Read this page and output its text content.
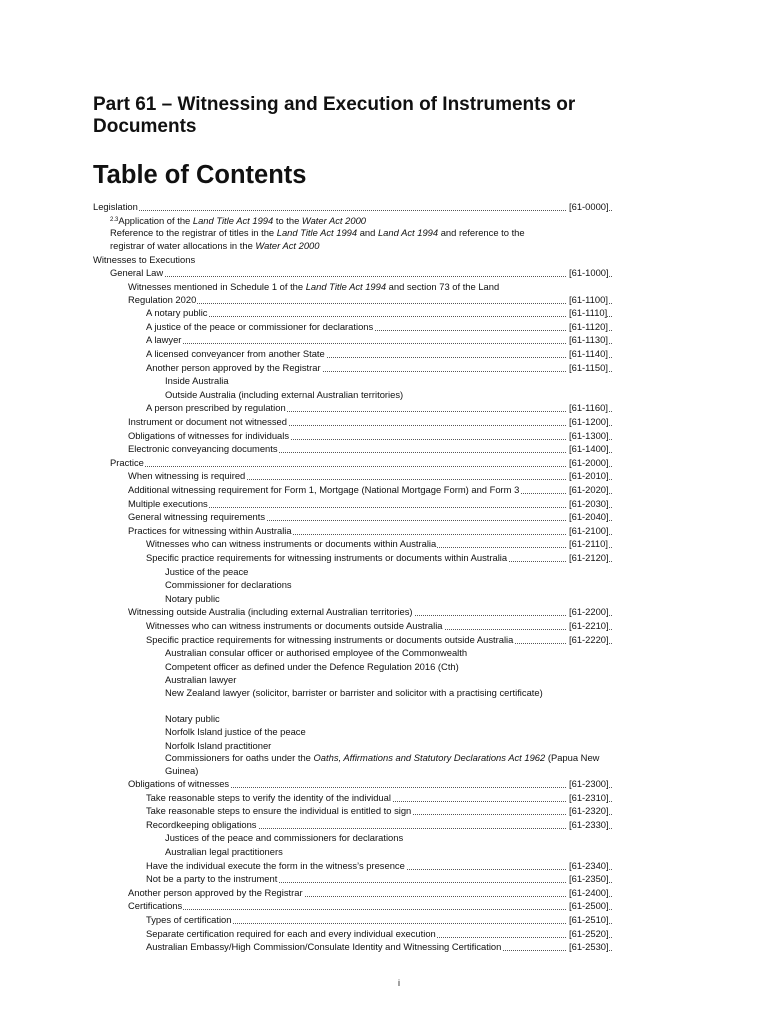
Part 61 – Witnessing and Execution of Instruments or Documents
Table of Contents
Legislation	[61-0000]
$^{2.3}$Application of the Land Title Act 1994 to the Water Act 2000
Reference to the registrar of titles in the Land Title Act 1994 and Land Act 1994 and reference to the registrar of water allocations in the Water Act 2000
Witnesses to Executions
General Law	[61-1000]
Witnesses mentioned in Schedule 1 of the Land Title Act 1994 and section 73 of the Land
Regulation 2020	[61-1100]
A notary public	[61-1110]
A justice of the peace or commissioner for declarations	[61-1120]
A lawyer	[61-1130]
A licensed conveyancer from another State	[61-1140]
Another person approved by the Registrar	[61-1150]
Inside Australia
Outside Australia (including external Australian territories)
A person prescribed by regulation	[61-1160]
Instrument or document not witnessed	[61-1200]
Obligations of witnesses for individuals	[61-1300]
Electronic conveyancing documents	[61-1400]
Practice	[61-2000]
When witnessing is required	[61-2010]
Additional witnessing requirement for Form 1, Mortgage (National Mortgage Form) and Form 3	[61-2020]
Multiple executions	[61-2030]
General witnessing requirements	[61-2040]
Practices for witnessing within Australia	[61-2100]
Witnesses who can witness instruments or documents within Australia	[61-2110]
Specific practice requirements for witnessing instruments or documents within Australia	[61-2120]
Justice of the peace
Commissioner for declarations
Notary public
Witnessing outside Australia (including external Australian territories)	[61-2200]
Witnesses who can witness instruments or documents outside Australia	[61-2210]
Specific practice requirements for witnessing instruments or documents outside Australia	[61-2220]
Australian consular officer or authorised employee of the Commonwealth
Competent officer as defined under the Defence Regulation 2016 (Cth)
Australian lawyer
New Zealand lawyer (solicitor, barrister or barrister and solicitor with a practising certificate)
Notary public
Norfolk Island justice of the peace
Norfolk Island practitioner
Commissioners for oaths under the Oaths, Affirmations and Statutory Declarations Act 1962 (Papua New Guinea)
Obligations of witnesses	[61-2300]
Take reasonable steps to verify the identity of the individual	[61-2310]
Take reasonable steps to ensure the individual is entitled to sign	[61-2320]
Recordkeeping obligations	[61-2330]
Justices of the peace and commissioners for declarations
Australian legal practitioners
Have the individual execute the form in the witness’s presence	[61-2340]
Not be a party to the instrument	[61-2350]
Another person approved by the Registrar	[61-2400]
Certifications	[61-2500]
Types of certification	[61-2510]
Separate certification required for each and every individual execution	[61-2520]
Australian Embassy/High Commission/Consulate Identity and Witnessing Certification	[61-2530]
i
